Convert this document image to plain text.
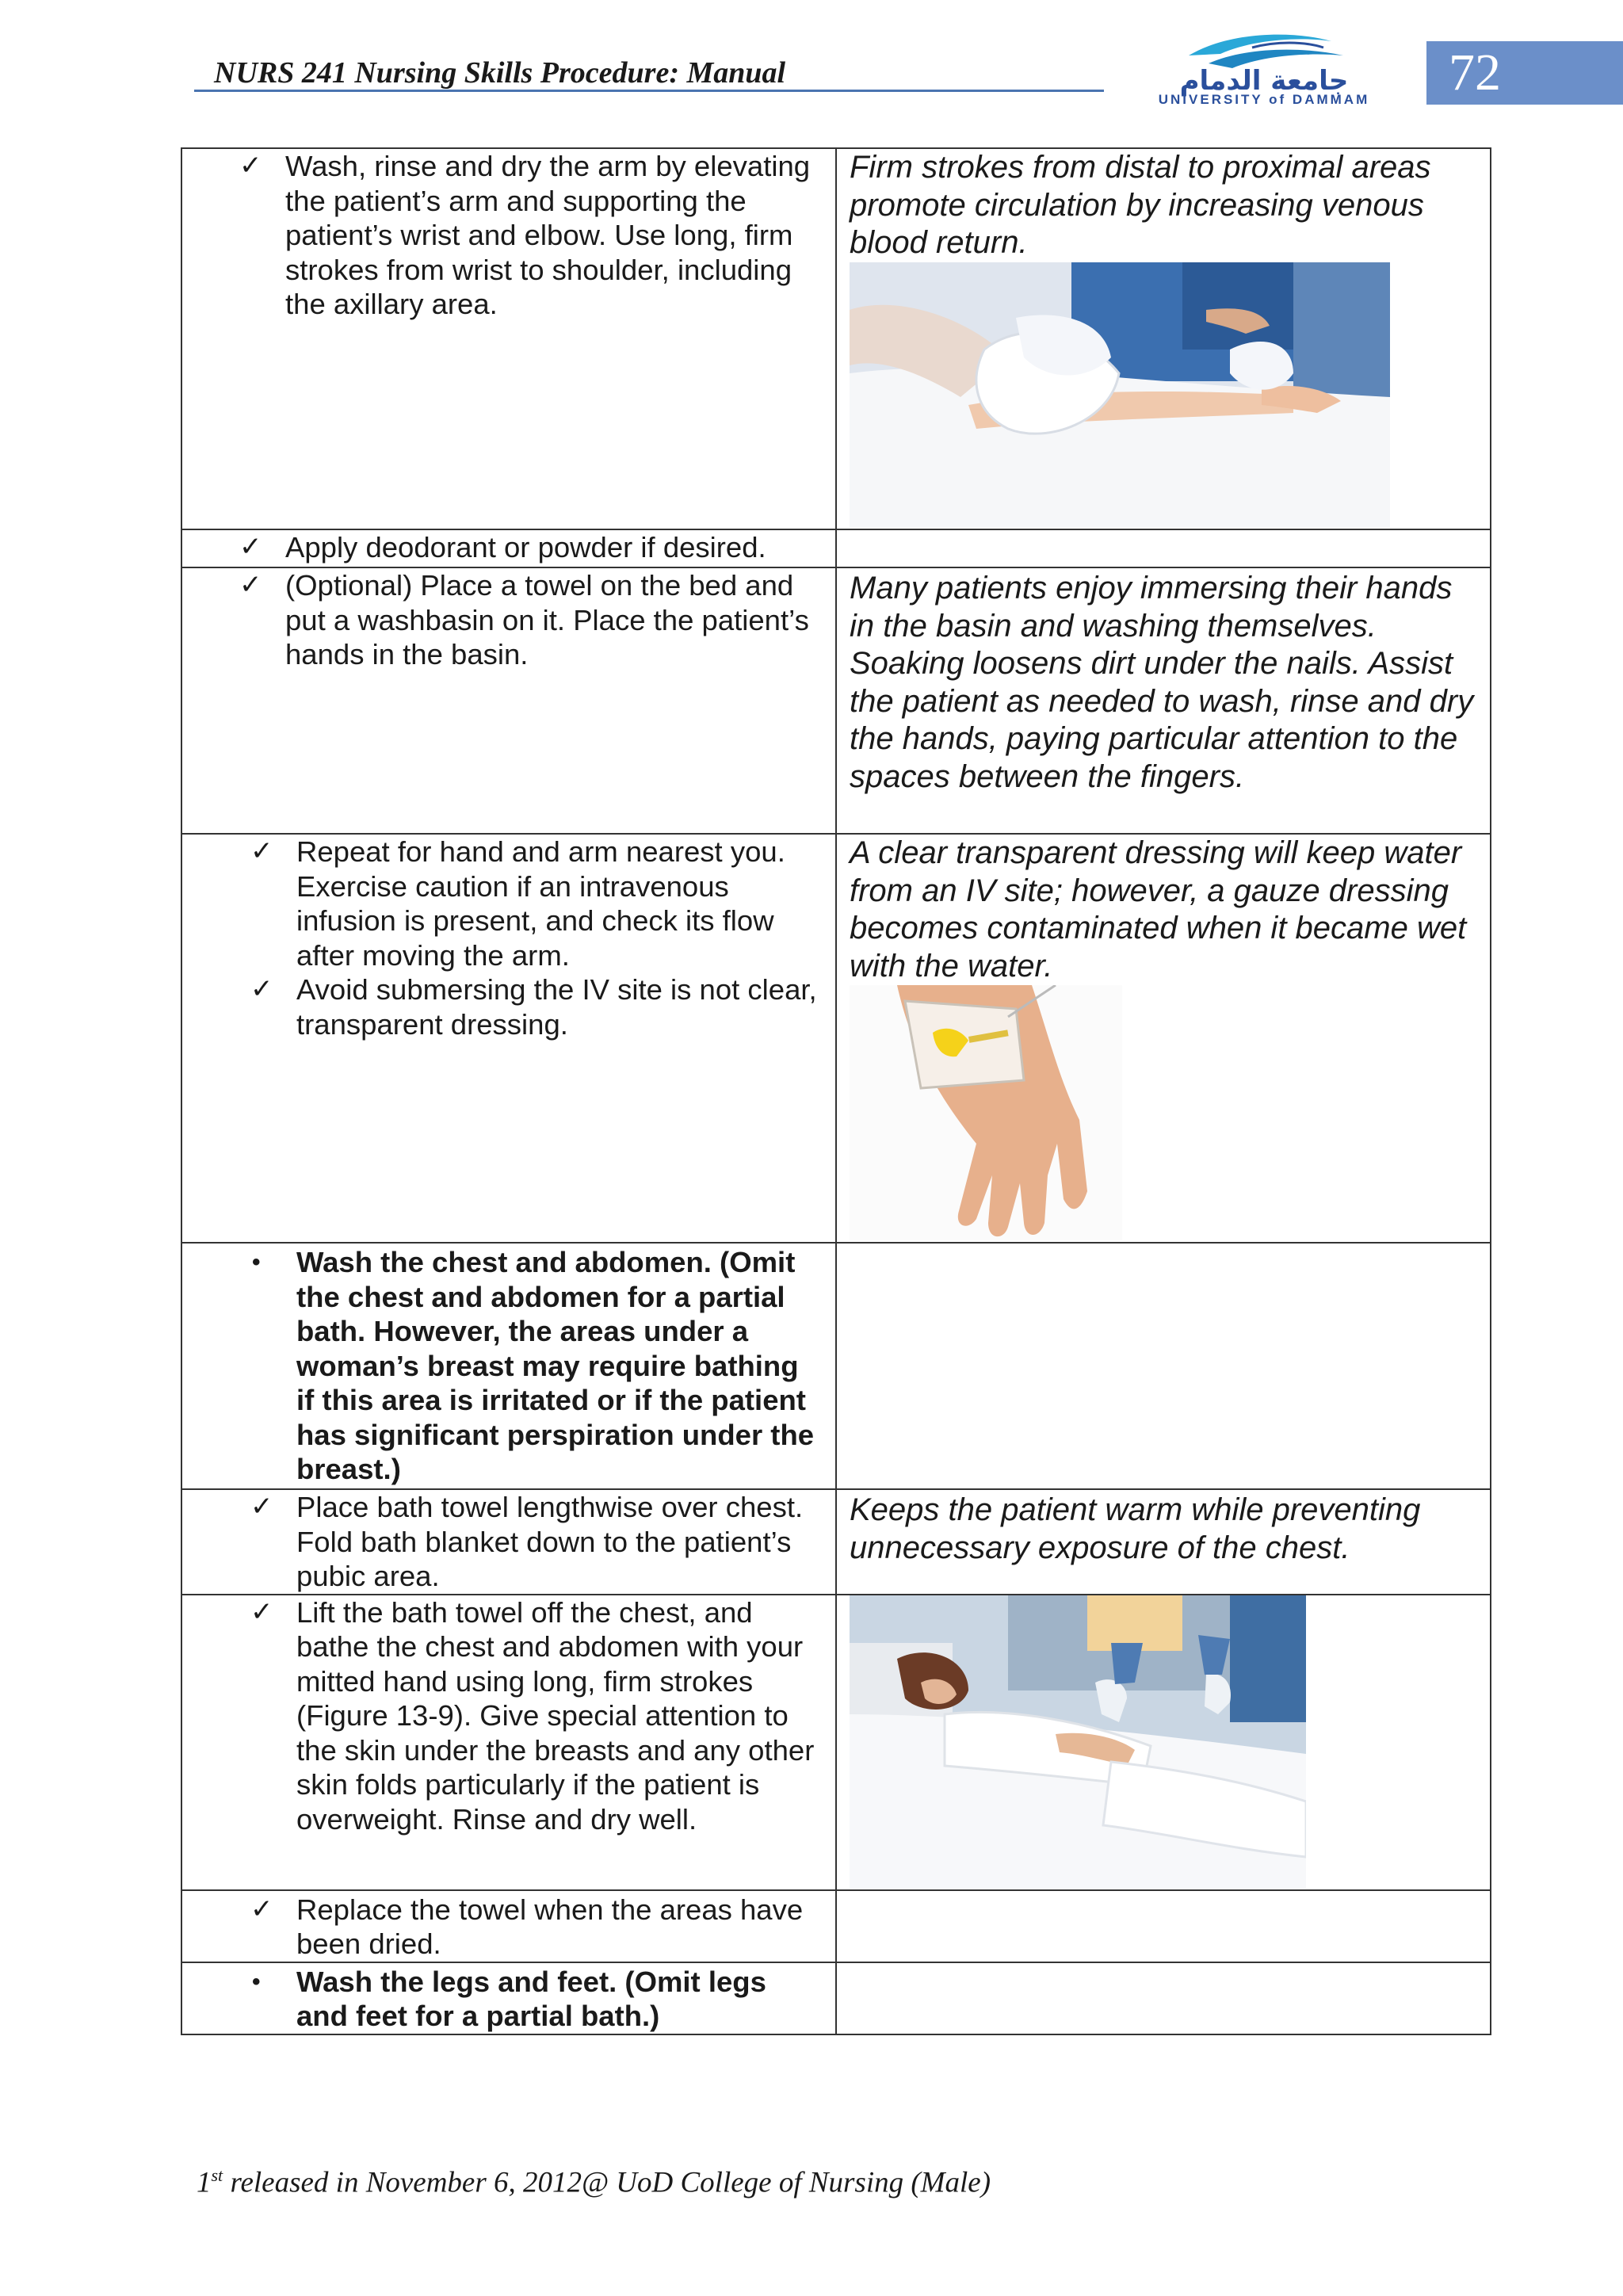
NURS 241 Nursing Skills Procedure: Manual	جامعة الدمام
UNIVERSITY of DAMMAM	72
✓ Wash, rinse and dry the arm by elevating the patient’s arm and supporting the patient’s wrist and elbow. Use long, firm strokes from wrist to shoulder, including the axillary area.	Firm strokes from distal to proximal areas promote circulation by increasing venous blood return.

✓ Apply deodorant or powder if desired.	

✓ (Optional) Place a towel on the bed and put a washbasin on it. Place the patient’s hands in the basin.	Many patients enjoy immersing their hands in the basin and washing themselves. Soaking loosens dirt under the nails. Assist the patient as needed to wash, rinse and dry the hands, paying particular attention to the spaces between the fingers.

✓ Repeat for hand and arm nearest you. Exercise caution if an intravenous infusion is present, and check its flow after moving the arm.
✓ Avoid submersing the IV site is not clear, transparent dressing.	A clear transparent dressing will keep water from an IV site; however, a gauze dressing becomes contaminated when it became wet with the water.

• Wash the chest and abdomen. (Omit the chest and abdomen for a partial bath. However, the areas under a woman’s breast may require bathing if this area is irritated or if the patient has significant perspiration under the breast.)	

✓ Place bath towel lengthwise over chest. Fold bath blanket down to the patient’s pubic area.	Keeps the patient warm while preventing unnecessary exposure of the chest.

✓ Lift the bath towel off the chest, and bathe the chest and abdomen with your mitted hand using long, firm strokes (Figure 13-9). Give special attention to the skin under the breasts and any other skin folds particularly if the patient is overweight. Rinse and dry well.

✓ Replace the towel when the areas have been dried.	

• Wash the legs and feet. (Omit legs and feet for a partial bath.)	

1st released in November 6, 2012@ UoD College of Nursing (Male)
